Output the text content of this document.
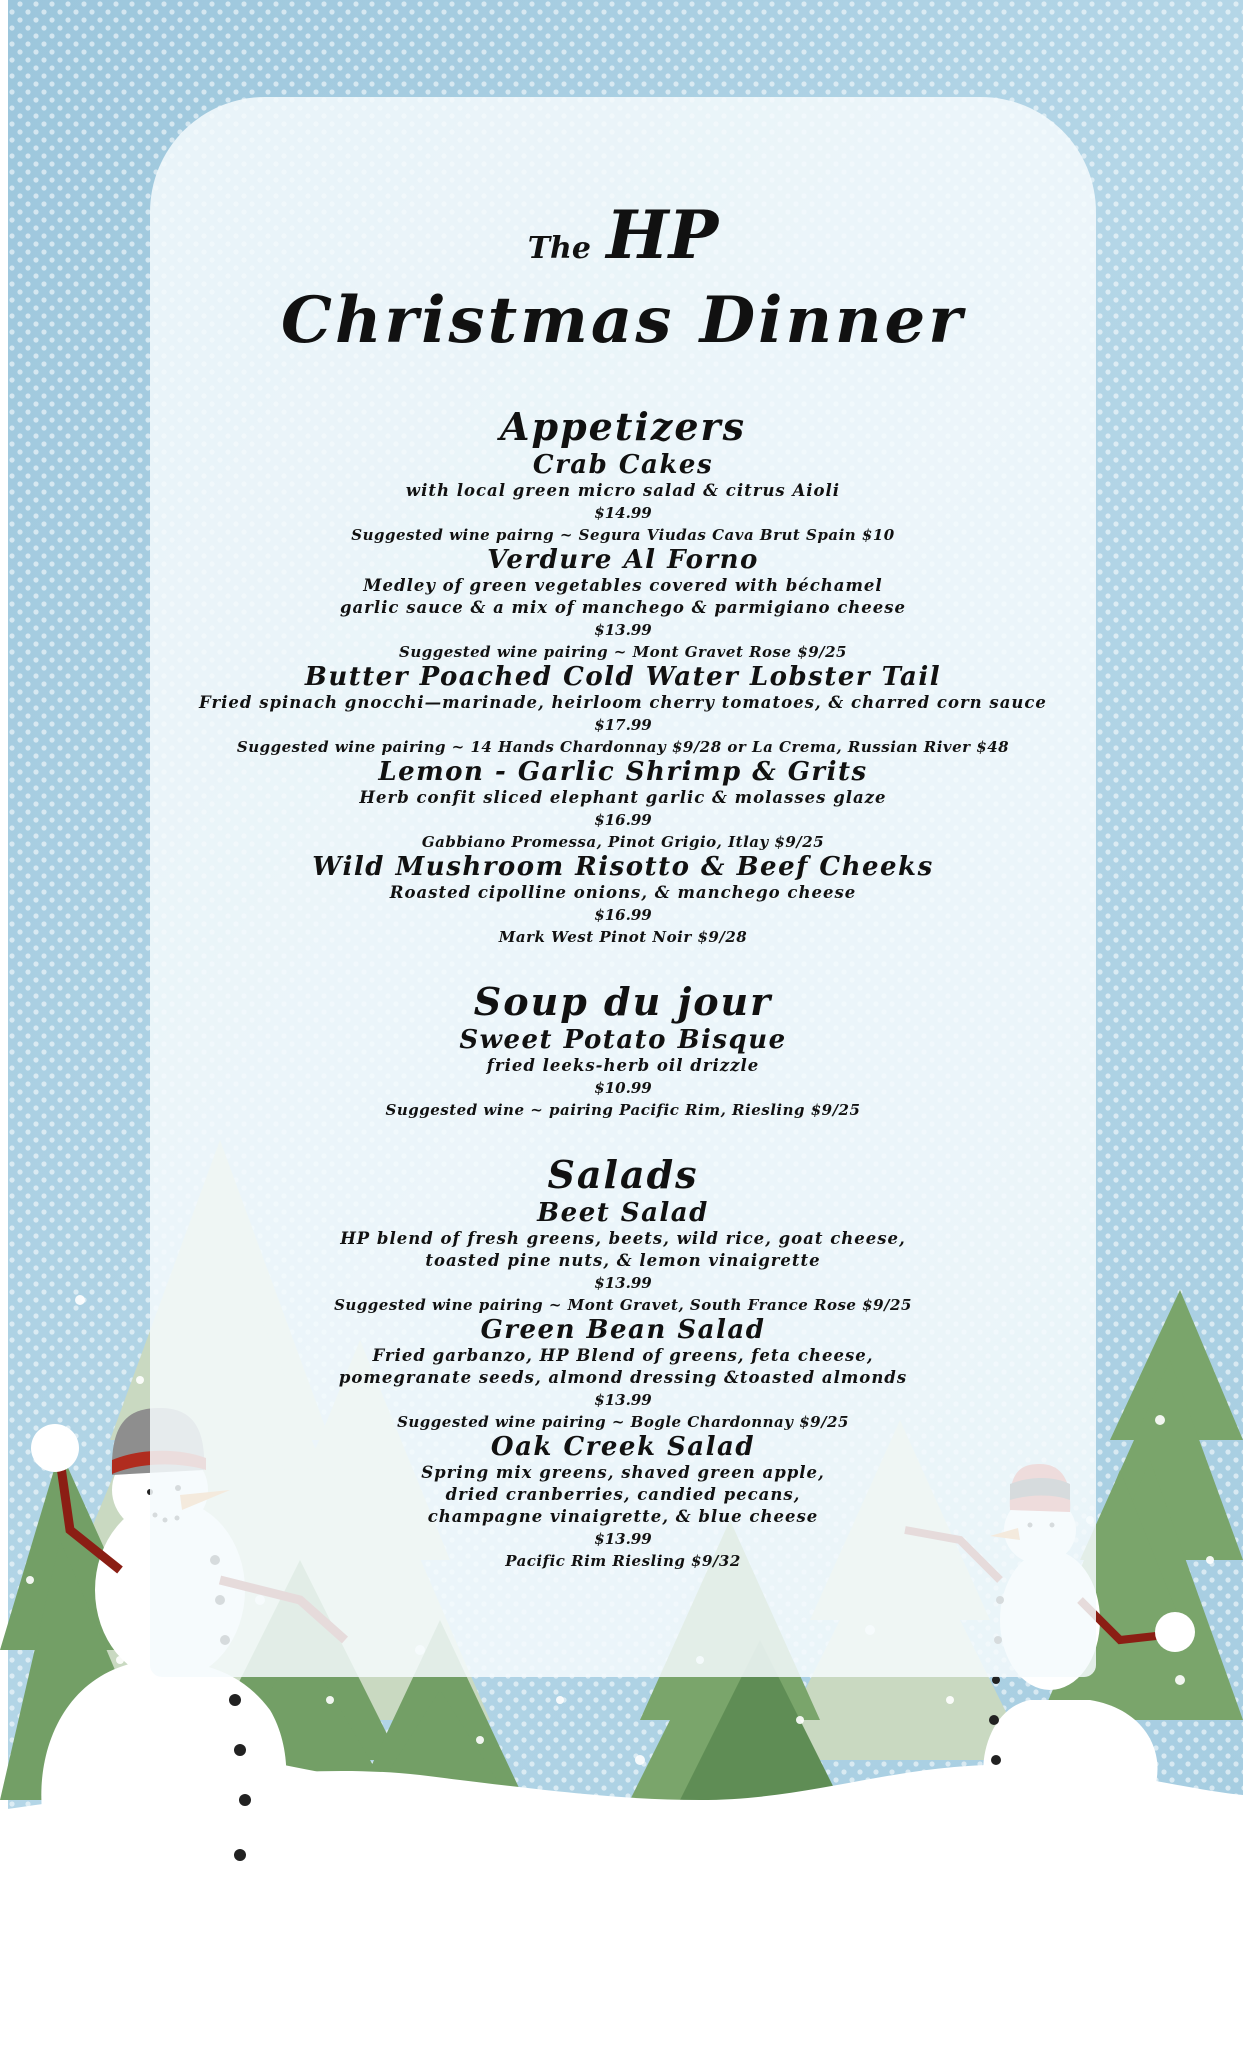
The HP
Christmas Dinner
Appetizers
Crab Cakes
with local green micro salad & citrus Aioli
$14.99
Suggested wine pairng ~ Segura Viudas Cava Brut Spain $10
Verdure Al Forno
Medley of green vegetables covered with béchamel
garlic sauce & a mix of manchego & parmigiano cheese
$13.99
Suggested wine pairing ~ Mont Gravet Rose $9/25
Butter Poached Cold Water Lobster Tail
Fried spinach gnocchi—marinade, heirloom cherry tomatoes, & charred corn sauce
$17.99
Suggested wine pairing ~ 14 Hands Chardonnay $9/28 or La Crema, Russian River $48
Lemon - Garlic Shrimp & Grits
Herb confit sliced elephant garlic & molasses glaze
$16.99
Gabbiano Promessa, Pinot Grigio, Itlay $9/25
Wild Mushroom Risotto & Beef Cheeks
Roasted cipolline onions, & manchego cheese
$16.99
Mark West Pinot Noir $9/28
Soup du jour
Sweet Potato Bisque
fried leeks-herb oil drizzle
$10.99
Suggested wine ~ pairing Pacific Rim, Riesling $9/25
Salads
Beet Salad
HP blend of fresh greens, beets, wild rice, goat cheese,
toasted pine nuts, & lemon vinaigrette
$13.99
Suggested wine pairing ~ Mont Gravet, South France Rose $9/25
Green Bean Salad
Fried garbanzo, HP Blend of greens, feta cheese,
pomegranate seeds, almond dressing &toasted almonds
$13.99
Suggested wine pairing ~ Bogle Chardonnay $9/25
Oak Creek Salad
Spring mix greens, shaved green apple,
dried cranberries, candied pecans,
champagne vinaigrette, & blue cheese
$13.99
Pacific Rim Riesling $9/32
